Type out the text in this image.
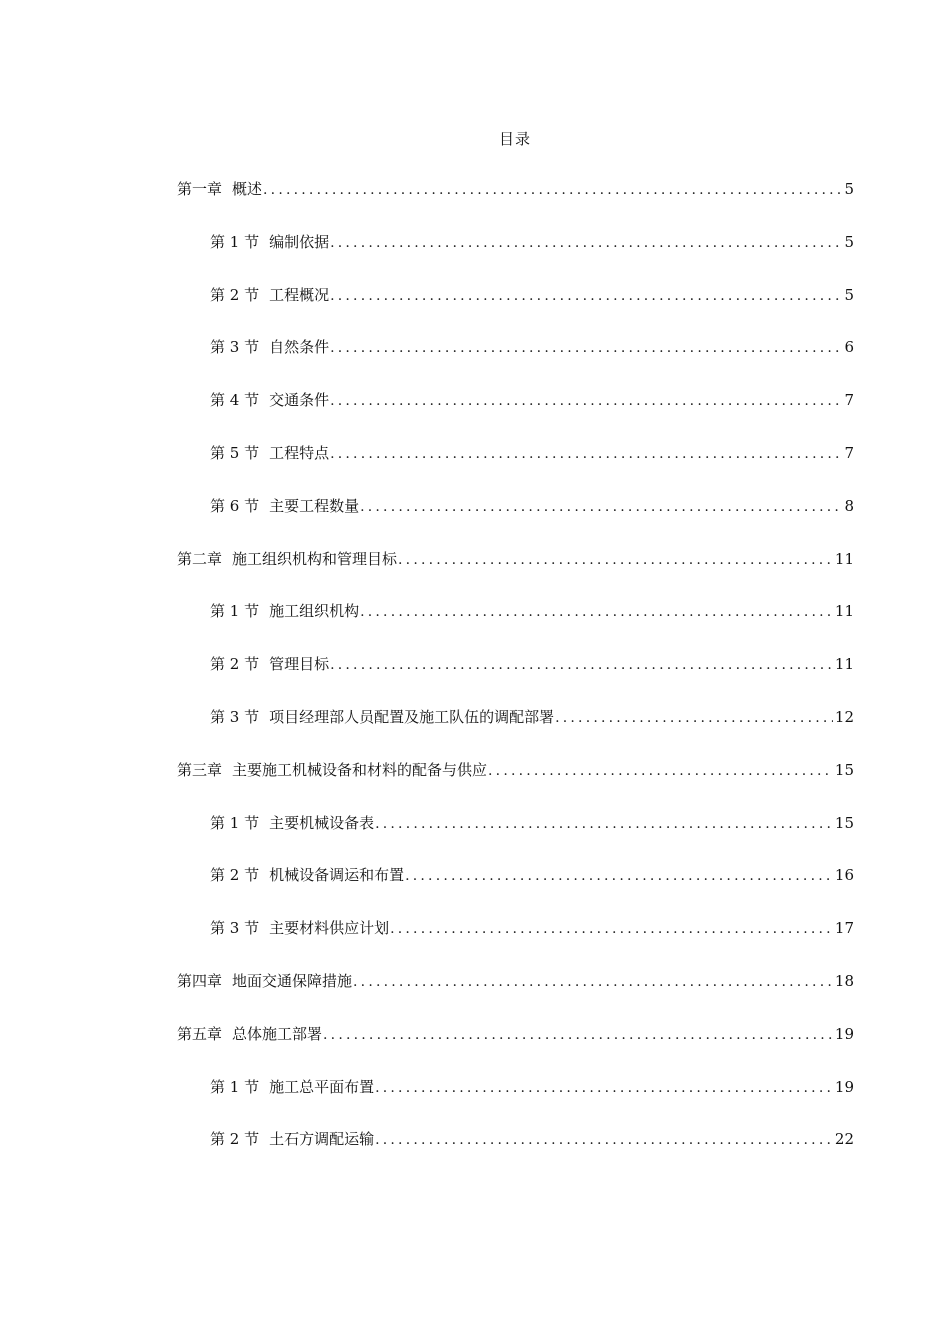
目录
第一章 概述 .....	5
第 1 节 编制依据 .....	5
第 2 节 工程概况 .....	5
第 3 节 自然条件 .....	6
第 4 节 交通条件 .....	7
第 5 节 工程特点 .....	7
第 6 节 主要工程数量 .....	8
第二章 施工组织机构和管理目标 .....	11
第 1 节 施工组织机构 .....	11
第 2 节 管理目标 .....	11
第 3 节 项目经理部人员配置及施工队伍的调配部署 .....	12
第三章 主要施工机械设备和材料的配备与供应 .....	15
第 1 节 主要机械设备表 .....	15
第 2 节 机械设备调运和布置 .....	16
第 3 节 主要材料供应计划 .....	17
第四章 地面交通保障措施 .....	18
第五章 总体施工部署 .....	19
第 1 节 施工总平面布置 .....	19
第 2 节 土石方调配运输 .....	22
